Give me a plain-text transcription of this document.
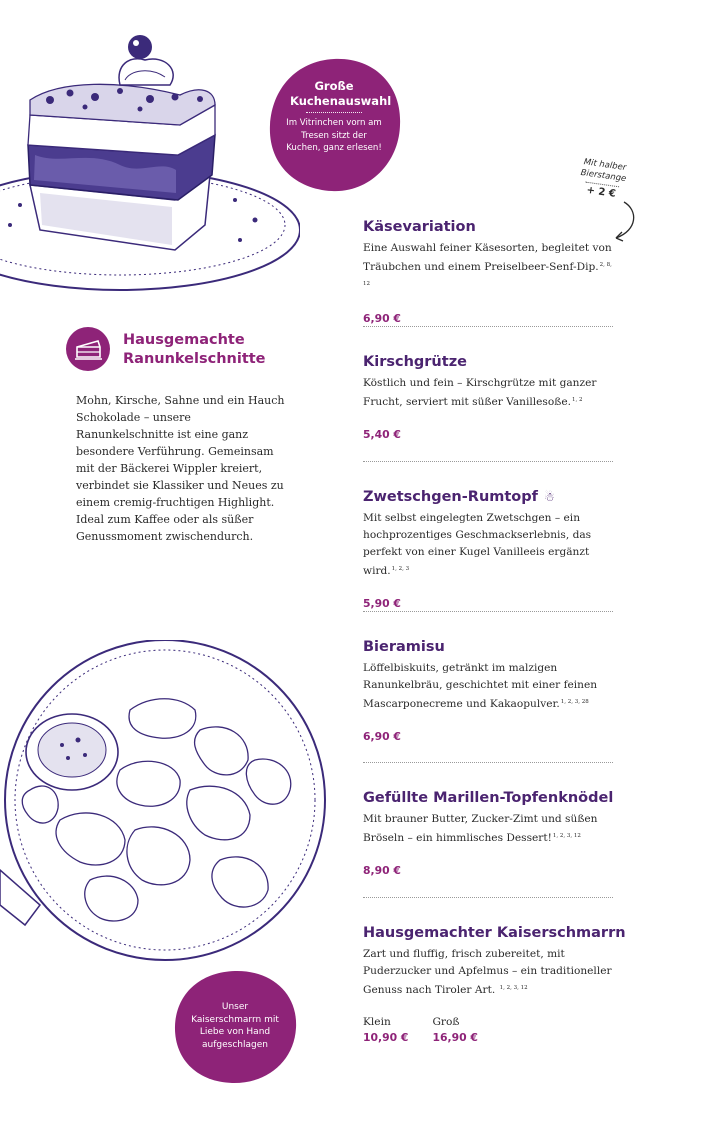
Große Kuchenauswahl
Im Vitrinchen vorn am Tresen sitzt der Kuchen, ganz erlesen!
Mit halber Bierstange
+ 2 €
Hausgemachte Ranunkelschnitte
Mohn, Kirsche, Sahne und ein Hauch Schokolade – unsere Ranunkelschnitte ist eine ganz besondere Verführung. Gemeinsam mit der Bäckerei Wippler kreiert, verbindet sie Klassiker und Neues zu einem cremig-fruchtigen Highlight. Ideal zum Kaffee oder als süßer Genussmoment zwischendurch.
Unser Kaiserschmarrn mit Liebe von Hand aufgeschlagen
Käsevariation
Eine Auswahl feiner Käsesorten, begleitet von Träubchen und einem Preiselbeer-Senf-Dip.$^{2, 8, 12}$
6,90 €
Kirschgrütze
Köstlich und fein – Kirschgrütze mit ganzer Frucht, serviert mit süßer Vanillesoße.$^{1, 2}$
5,40 €
Zwetschgen-Rumtopf ☃
Mit selbst eingelegten Zwetschgen – ein hochprozentiges Geschmackserlebnis, das perfekt von einer Kugel Vanilleeis ergänzt wird.$^{1, 2, 3}$
5,90 €
Bieramisu
Löffelbiskuits, getränkt im malzigen Ranunkelbräu, geschichtet mit einer feinen Mascarponecreme und Kakaopulver.$^{1, 2, 3, 28}$
6,90 €
Gefüllte Marillen-Topfenknödel
Mit brauner Butter, Zucker-Zimt und süßen Bröseln – ein himmlisches Dessert!$^{1, 2, 3, 12}$
8,90 €
Hausgemachter Kaiserschmarrn
Zart und fluffig, frisch zubereitet, mit Puderzucker und Apfelmus – ein traditioneller Genuss nach Tiroler Art. $^{1, 2, 3, 12}$
Klein
10,90 €
Groß
16,90 €
